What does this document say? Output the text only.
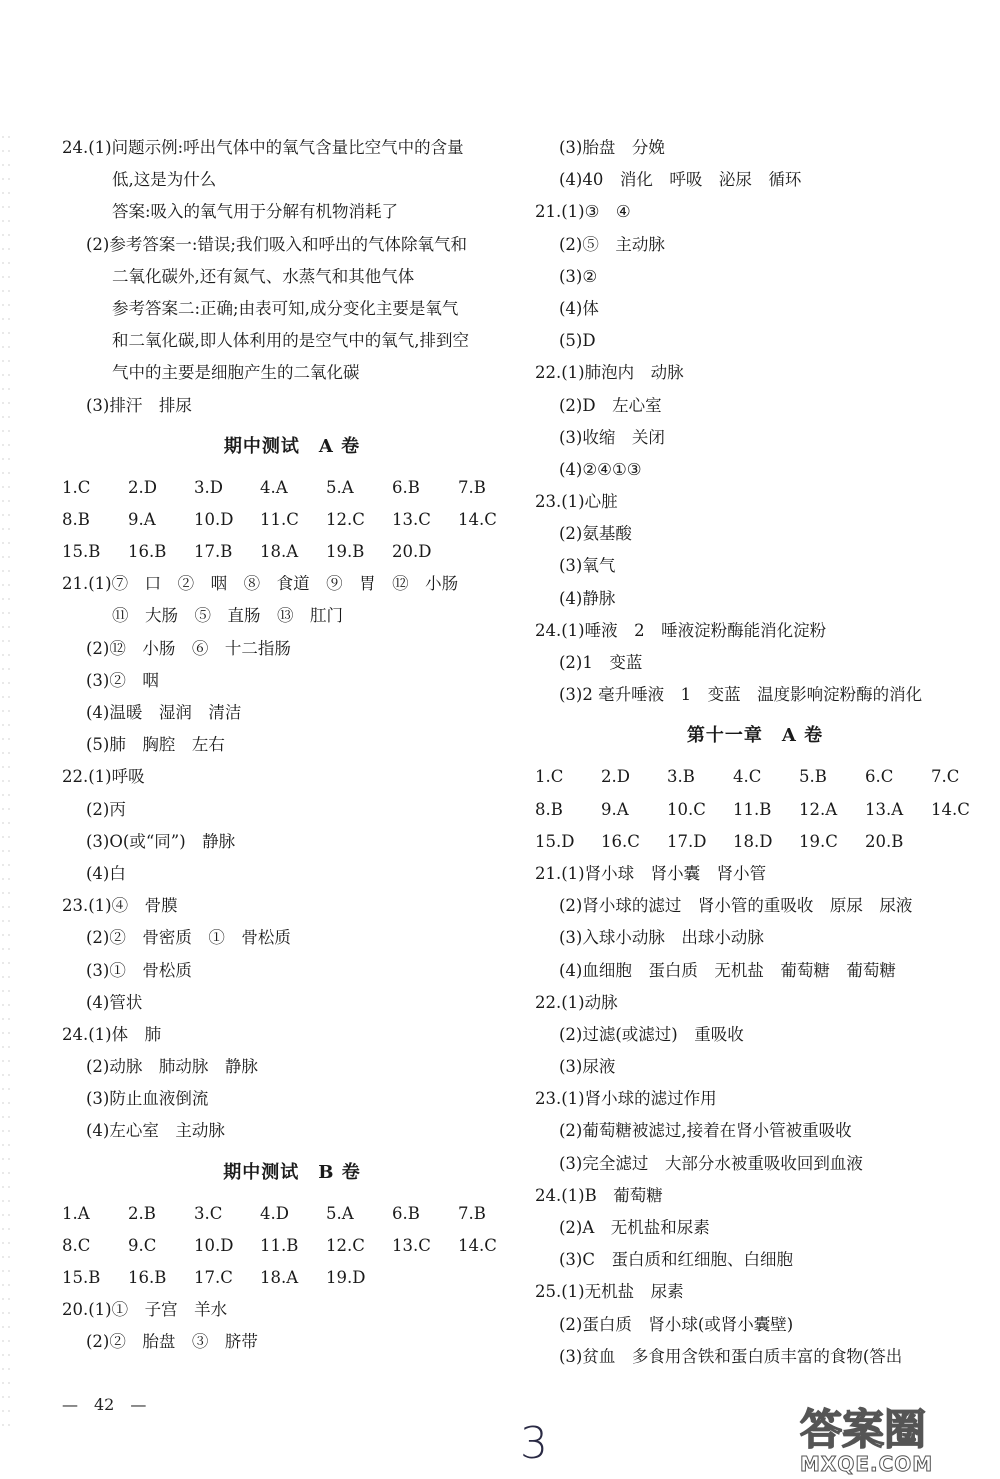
24.(1)问题示例:呼出气体中的氧气含量比空气中的含量
低,这是为什么
答案:吸入的氧气用于分解有机物消耗了
(2)参考答案一:错误;我们吸入和呼出的气体除氧气和
二氧化碳外,还有氮气、水蒸气和其他气体
参考答案二:正确;由表可知,成分变化主要是氧气
和二氧化碳,即人体利用的是空气中的氧气,排到空
气中的主要是细胞产生的二氧化碳
(3)排汗　排尿
期中测试　A 卷
1.C	2.D	3.D	4.A	5.A	6.B	7.B
8.B	9.A	10.D	11.C	12.C	13.C	14.C
15.B	16.B	17.B	18.A	19.B	20.D
21.(1)⑦　口　②　咽　⑧　食道　⑨　胃　⑫　小肠
⑪　大肠　⑤　直肠　⑬　肛门
(2)⑫　小肠　⑥　十二指肠
(3)②　咽
(4)温暖　湿润　清洁
(5)肺　胸腔　左右
22.(1)呼吸
(2)丙
(3)O(或“同”)　静脉
(4)白
23.(1)④　骨膜
(2)②　骨密质　①　骨松质
(3)①　骨松质
(4)管状
24.(1)体　肺
(2)动脉　肺动脉　静脉
(3)防止血液倒流
(4)左心室　主动脉
期中测试　B 卷
1.A	2.B	3.C	4.D	5.A	6.B	7.B
8.C	9.C	10.D	11.B	12.C	13.C	14.C
15.B	16.B	17.C	18.A	19.D
20.(1)①　子宫　羊水
(2)②　胎盘　③　脐带
(3)胎盘　分娩
(4)40　消化　呼吸　泌尿　循环
21.(1)③　④
(2)⑤　主动脉
(3)②
(4)体
(5)D
22.(1)肺泡内　动脉
(2)D　左心室
(3)收缩　关闭
(4)②④①③
23.(1)心脏
(2)氨基酸
(3)氧气
(4)静脉
24.(1)唾液　2　唾液淀粉酶能消化淀粉
(2)1　变蓝
(3)2 毫升唾液　1　变蓝　温度影响淀粉酶的消化
第十一章　A 卷
1.C	2.D	3.B	4.C	5.B	6.C	7.C
8.B	9.A	10.C	11.B	12.A	13.A	14.C
15.D	16.C	17.D	18.D	19.C	20.B
21.(1)肾小球　肾小囊　肾小管
(2)肾小球的滤过　肾小管的重吸收　原尿　尿液
(3)入球小动脉　出球小动脉
(4)血细胞　蛋白质　无机盐　葡萄糖　葡萄糖
22.(1)动脉
(2)过滤(或滤过)　重吸收
(3)尿液
23.(1)肾小球的滤过作用
(2)葡萄糖被滤过,接着在肾小管被重吸收
(3)完全滤过　大部分水被重吸收回到血液
24.(1)B　葡萄糖
(2)A　无机盐和尿素
(3)C　蛋白质和红细胞、白细胞
25.(1)无机盐　尿素
(2)蛋白质　肾小球(或肾小囊壁)
(3)贫血　多食用含铁和蛋白质丰富的食物(答出
—　42　—
3	答案圈
MXQE.COM
